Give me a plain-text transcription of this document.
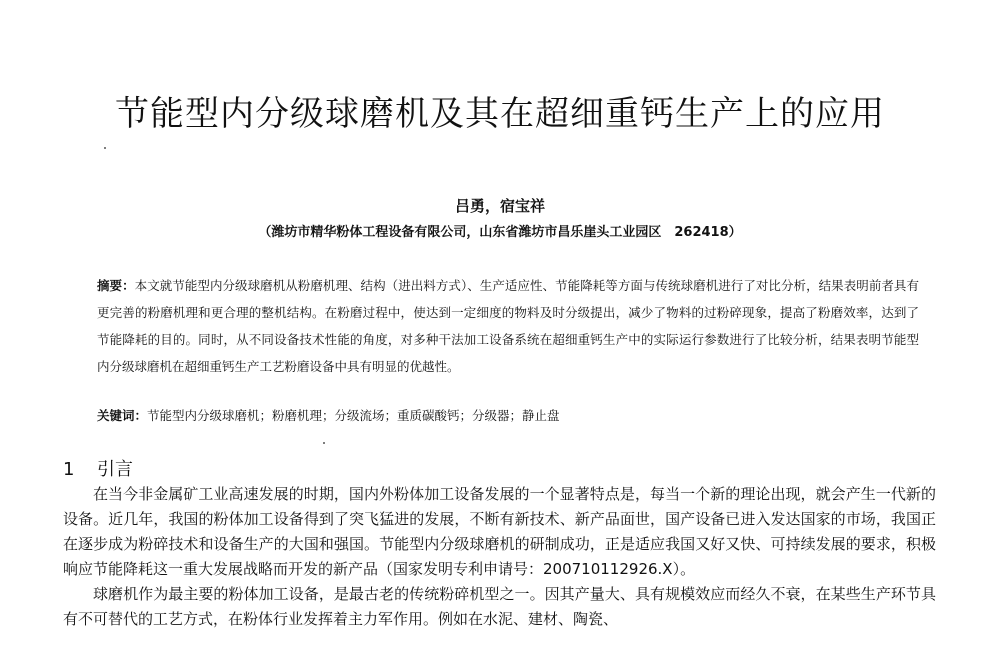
节能型内分级球磨机及其在超细重钙生产上的应用
吕勇，宿宝祥
（潍坊市精华粉体工程设备有限公司，山东省潍坊市昌乐崖头工业园区　262418）
摘要：本文就节能型内分级球磨机从粉磨机理、结构（进出料方式）、生产适应性、节能降耗等方面与传统球磨机进行了对比分析，结果表明前者具有更完善的粉磨机理和更合理的整机结构。在粉磨过程中，使达到一定细度的物料及时分级提出，减少了物料的过粉碎现象，提高了粉磨效率，达到了节能降耗的目的。同时，从不同设备技术性能的角度，对多种干法加工设备系统在超细重钙生产中的实际运行参数进行了比较分析，结果表明节能型内分级球磨机在超细重钙生产工艺粉磨设备中具有明显的优越性。
关键词：节能型内分级球磨机；粉磨机理；分级流场；重质碳酸钙；分级器；静止盘
1 引言

在当今非金属矿工业高速发展的时期，国内外粉体加工设备发展的一个显著特点是，每当一个新的理论出现，就会产生一代新的设备。近几年，我国的粉体加工设备得到了突飞猛进的发展，不断有新技术、新产品面世，国产设备已进入发达国家的市场，我国正在逐步成为粉碎技术和设备生产的大国和强国。节能型内分级球磨机的研制成功，正是适应我国又好又快、可持续发展的要求，积极响应节能降耗这一重大发展战略而开发的新产品（国家发明专利申请号：200710112926.X）。

球磨机作为最主要的粉体加工设备，是最古老的传统粉碎机型之一。因其产量大、具有规模效应而经久不衰，在某些生产环节具有不可替代的工艺方式，在粉体行业发挥着主力军作用。例如在水泥、建材、陶瓷、
